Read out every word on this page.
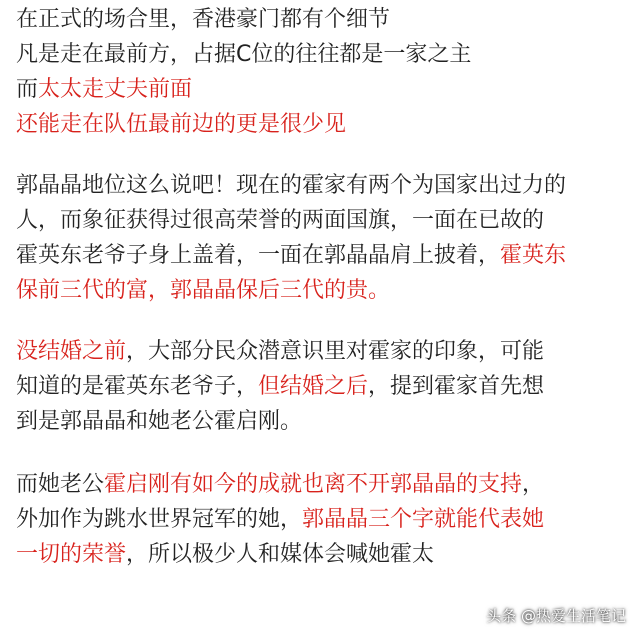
在正式的场合里，香港豪门都有个细节
凡是走在最前方，占据C位的往往都是一家之主
而太太走丈夫前面
还能走在队伍最前边的更是很少见
郭晶晶地位这么说吧！现在的霍家有两个为国家出过力的
人，而象征获得过很高荣誉的两面国旗，一面在已故的
霍英东老爷子身上盖着，一面在郭晶晶肩上披着，霍英东
保前三代的富，郭晶晶保后三代的贵。
没结婚之前，大部分民众潜意识里对霍家的印象，可能
知道的是霍英东老爷子，但结婚之后，提到霍家首先想
到是郭晶晶和她老公霍启刚。
而她老公霍启刚有如今的成就也离不开郭晶晶的支持，
外加作为跳水世界冠军的她，郭晶晶三个字就能代表她
一切的荣誉，所以极少人和媒体会喊她霍太
头条 @热爱生活笔记
